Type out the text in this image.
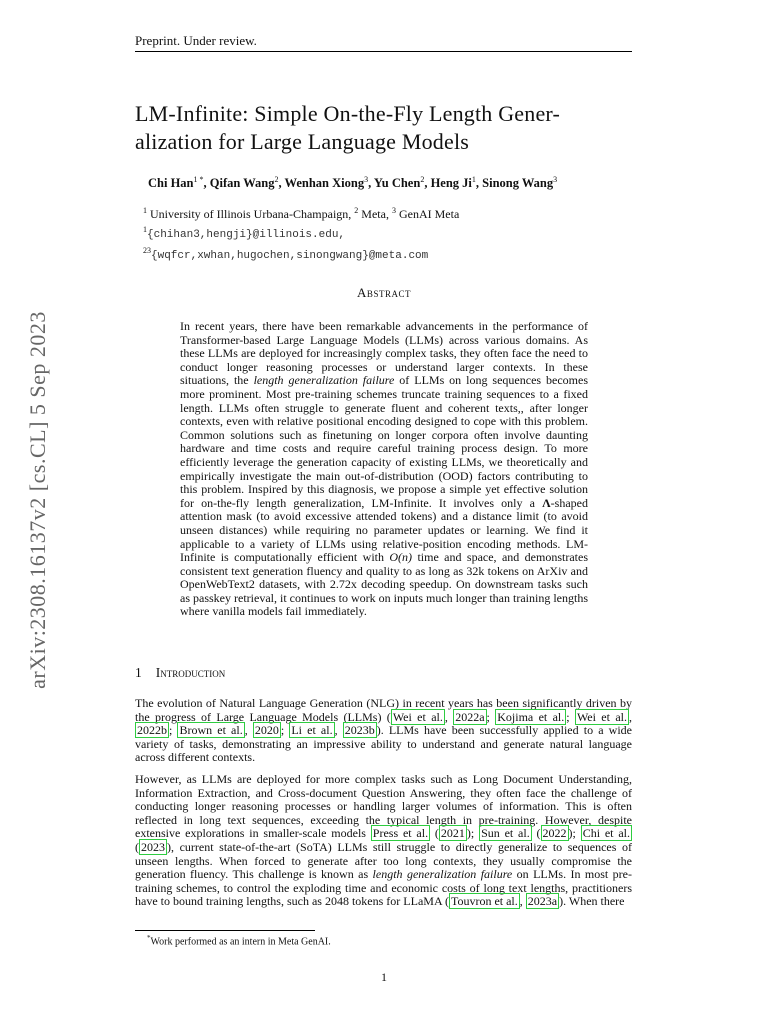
Preprint. Under review.
arXiv:2308.16137v2 [cs.CL] 5 Sep 2023
LM-Infinite: Simple On-the-Fly Length Gener-
alization for Large Language Models
Chi Han$^{1 *}$, Qifan Wang$^2$, Wenhan Xiong$^3$, Yu Chen$^2$, Heng Ji$^1$, Sinong Wang$^3$
$^1$ University of Illinois Urbana-Champaign, $^2$ Meta, $^3$ GenAI Meta
$^1${chihan3,hengji}@illinois.edu,
$^{23}${wqfcr,xwhan,hugochen,sinongwang}@meta.com
Abstract

In recent years, there have been remarkable advancements in the performance of Transformer-based Large Language Models (LLMs) across various domains. As these LLMs are deployed for increasingly complex tasks, they often face the need to conduct longer reasoning processes or understand larger contexts. In these situations, the length generalization failure of LLMs on long sequences becomes more prominent. Most pre-training schemes truncate training sequences to a fixed length. LLMs often struggle to generate fluent and coherent texts,, after longer contexts, even with relative positional encoding designed to cope with this problem. Common solutions such as finetuning on longer corpora often involve daunting hardware and time costs and require careful training process design. To more efficiently leverage the generation capacity of existing LLMs, we theoretically and empirically investigate the main out-of-distribution (OOD) factors contributing to this problem. Inspired by this diagnosis, we propose a simple yet effective solution for on-the-fly length generalization, LM-Infinite. It involves only a Λ-shaped attention mask (to avoid excessive attended tokens) and a distance limit (to avoid unseen distances) while requiring no parameter updates or learning. We find it applicable to a variety of LLMs using relative-position encoding methods. LM-Infinite is computationally efficient with O(n) time and space, and demonstrates consistent text generation fluency and quality to as long as 32k tokens on ArXiv and OpenWebText2 datasets, with 2.72x decoding speedup. On downstream tasks such as passkey retrieval, it continues to work on inputs much longer than training lengths where vanilla models fail immediately.

1 Introduction

The evolution of Natural Language Generation (NLG) in recent years has been significantly driven by the progress of Large Language Models (LLMs) ( Wei et al. , 2022a ; Kojima et al. ; Wei et al. , 2022b ; Brown et al. , 2020 ; Li et al. , 2023b ). LLMs have been successfully applied to a wide variety of tasks, demonstrating an impressive ability to understand and generate natural language across different contexts.

However, as LLMs are deployed for more complex tasks such as Long Document Understanding, Information Extraction, and Cross-document Question Answering, they often face the challenge of conducting longer reasoning processes or handling larger volumes of information. This is often reflected in long text sequences, exceeding the typical length in pre-training. However, despite extensive explorations in smaller-scale models Press et al. ( 2021 ); Sun et al. ( 2022 ); Chi et al. ( 2023 ), current state-of-the-art (SoTA) LLMs still struggle to directly generalize to sequences of unseen lengths. When forced to generate after too long contexts, they usually compromise the generation fluency. This challenge is known as length generalization failure on LLMs. In most pre-training schemes, to control the exploding time and economic costs of long text lengths, practitioners have to bound training lengths, such as 2048 tokens for LLaMA ( Touvron et al. , 2023a ). When there

*Work performed as an intern in Meta GenAI.
1
